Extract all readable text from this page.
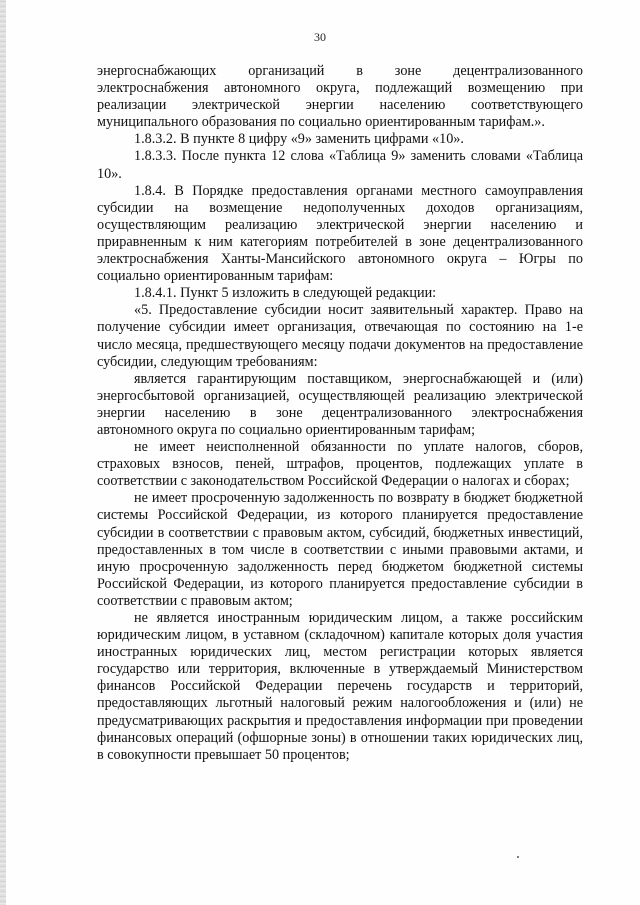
30

энергоснабжающих организаций в зоне децентрализованного электроснабжения автономного округа, подлежащий возмещению при реализации электрической энергии населению соответствующего муниципального образования по социально ориентированным тарифам.».

1.8.3.2. В пункте 8 цифру «9» заменить цифрами «10».

1.8.3.3. После пункта 12 слова «Таблица 9» заменить словами «Таблица 10».

1.8.4. В Порядке предоставления органами местного самоуправления субсидии на возмещение недополученных доходов организациям, осуществляющим реализацию электрической энергии населению и приравненным к ним категориям потребителей в зоне децентрализованного электроснабжения Ханты-Мансийского автономного округа – Югры по социально ориентированным тарифам:

1.8.4.1. Пункт 5 изложить в следующей редакции:

«5. Предоставление субсидии носит заявительный характер. Право на получение субсидии имеет организация, отвечающая по состоянию на 1-е число месяца, предшествующего месяцу подачи документов на предоставление субсидии, следующим требованиям:

является гарантирующим поставщиком, энергоснабжающей и (или) энергосбытовой организацией, осуществляющей реализацию электрической энергии населению в зоне децентрализованного электроснабжения автономного округа по социально ориентированным тарифам;

не имеет неисполненной обязанности по уплате налогов, сборов, страховых взносов, пеней, штрафов, процентов, подлежащих уплате в соответствии с законодательством Российской Федерации о налогах и сборах;

не имеет просроченную задолженность по возврату в бюджет бюджетной системы Российской Федерации, из которого планируется предоставление субсидии в соответствии с правовым актом, субсидий, бюджетных инвестиций, предоставленных в том числе в соответствии с иными правовыми актами, и иную просроченную задолженность перед бюджетом бюджетной системы Российской Федерации, из которого планируется предоставление субсидии в соответствии с правовым актом;

не является иностранным юридическим лицом, а также российским юридическим лицом, в уставном (складочном) капитале которых доля участия иностранных юридических лиц, местом регистрации которых является государство или территория, включенные в утверждаемый Министерством финансов Российской Федерации перечень государств и территорий, предоставляющих льготный налоговый режим налогообложения и (или) не предусматривающих раскрытия и предоставления информации при проведении финансовых операций (офшорные зоны) в отношении таких юридических лиц, в совокупности превышает 50 процентов;
